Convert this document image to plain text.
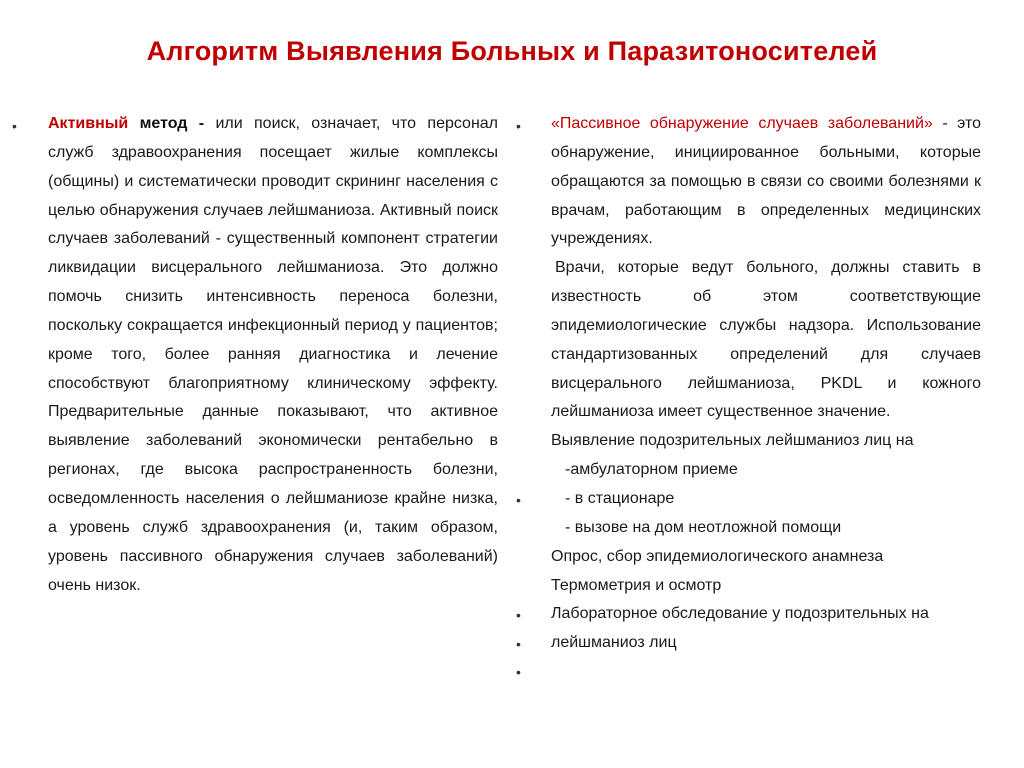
Алгоритм Выявления Больных и Паразитоносителей
• Активный метод - или поиск, означает, что персонал служб здравоохранения посещает жилые комплексы (общины) и систематически проводит скрининг населения с целью обнаружения случаев лейшманиоза. Активный поиск случаев заболеваний - существенный компонент стратегии ликвидации висцерального лейшманиоза. Это должно помочь снизить интенсивность переноса болезни, поскольку сокращается инфекционный период у пациентов; кроме того, более ранняя диагностика и лечение способствуют благоприятному клиническому эффекту. Предварительные данные показывают, что активное выявление заболеваний экономически рентабельно в регионах, где высока распространенность болезни, осведомленность населения о лейшманиозе крайне низка, а уровень служб здравоохранения (и, таким образом, уровень пассивного обнаружения случаев заболеваний) очень низок.

•
•
•
•
•

«Пассивное обнаружение случаев заболеваний» - это обнаружение, инициированное больными, которые обращаются за помощью в связи со своими болезнями к врачам, работающим в определенных медицинских учреждениях.

Врачи, которые ведут больного, должны ставить в известность об этом соответствующие эпидемиологические службы надзора. Использование стандартизованных определений для случаев висцерального лейшманиоза, PKDL и кожного лейшманиоза имеет существенное значение.

Выявление подозрительных лейшманиоз лиц на

-амбулаторном приеме

- в стационаре

- вызове на дом неотложной помощи

Опрос, сбор эпидемиологического анамнеза

Термометрия и осмотр

Лабораторное обследование у подозрительных на лейшманиоз лиц
